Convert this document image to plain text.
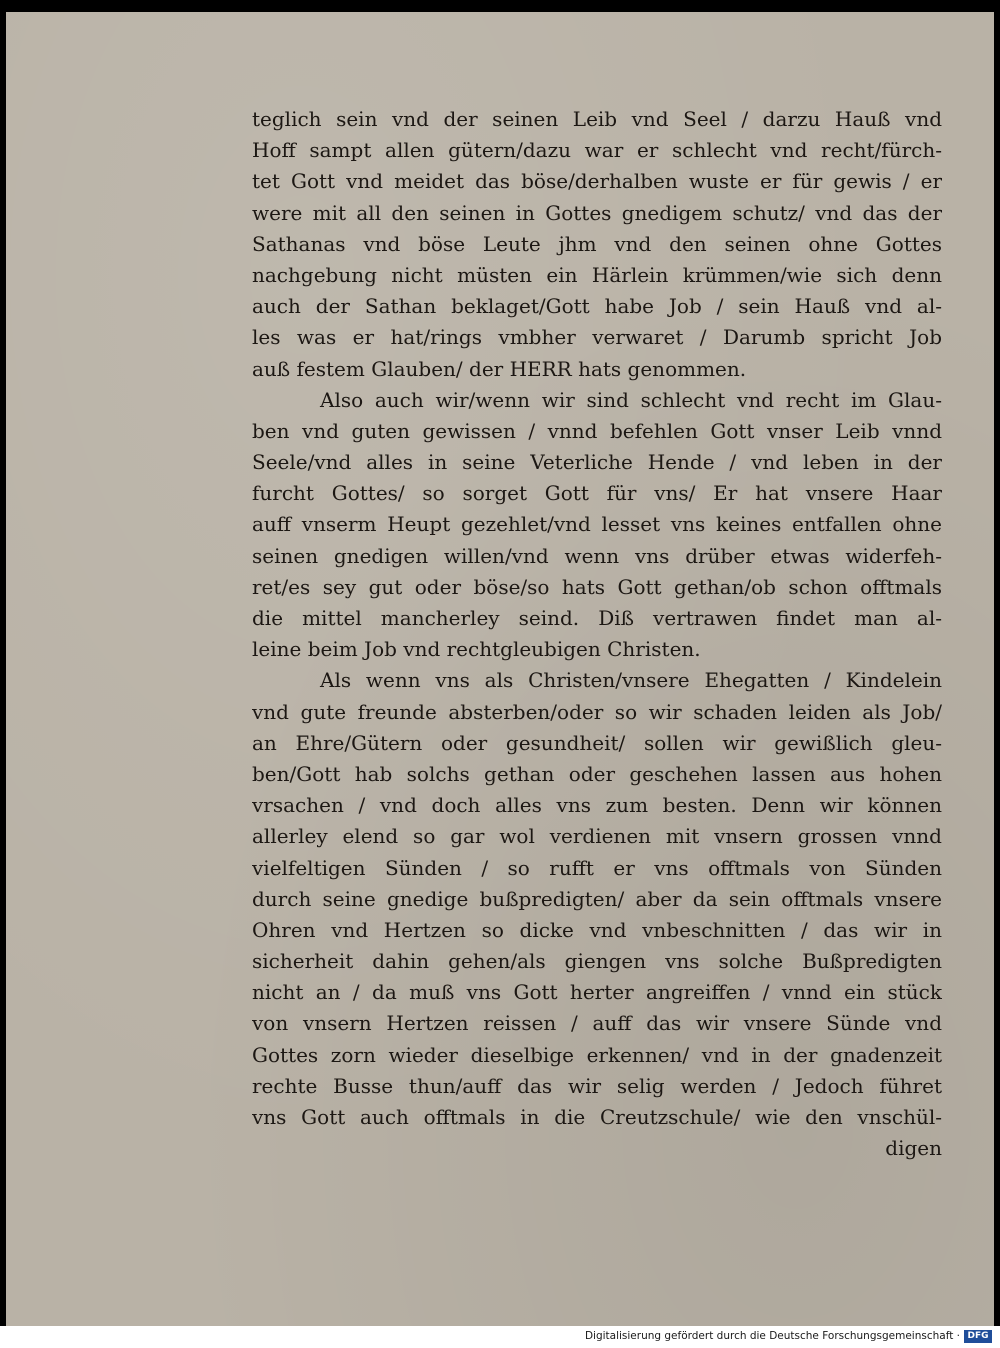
teglich sein vnd der seinen Leib vnd Seel / darzu Hauß vnd
Hoff sampt allen gütern/dazu war er schlecht vnd recht/fürch-
tet Gott vnd meidet das böse/derhalben wuste er für gewis / er
were mit all den seinen in Gottes gnedigem schutz/ vnd das der
Sathanas vnd böse Leute jhm vnd den seinen ohne Gottes
nachgebung nicht müsten ein Härlein krümmen/wie sich denn
auch der Sathan beklaget/Gott habe Job / sein Hauß vnd al-
les was er hat/rings vmbher verwaret / Darumb spricht Job
auß festem Glauben/ der HERR hats genommen.
Also auch wir/wenn wir sind schlecht vnd recht im Glau-
ben vnd guten gewissen / vnnd befehlen Gott vnser Leib vnnd
Seele/vnd alles in seine Veterliche Hende / vnd leben in der
furcht Gottes/ so sorget Gott für vns/ Er hat vnsere Haar
auff vnserm Heupt gezehlet/vnd lesset vns keines entfallen ohne
seinen gnedigen willen/vnd wenn vns drüber etwas widerfeh-
ret/es sey gut oder böse/so hats Gott gethan/ob schon offtmals
die mittel mancherley seind. Diß vertrawen findet man al-
leine beim Job vnd rechtgleubigen Christen.
Als wenn vns als Christen/vnsere Ehegatten / Kindelein
vnd gute freunde absterben/oder so wir schaden leiden als Job/
an Ehre/Gütern oder gesundheit/ sollen wir gewißlich gleu-
ben/Gott hab solchs gethan oder geschehen lassen aus hohen
vrsachen / vnd doch alles vns zum besten. Denn wir können
allerley elend so gar wol verdienen mit vnsern grossen vnnd
vielfeltigen Sünden / so rufft er vns offtmals von Sünden
durch seine gnedige bußpredigten/ aber da sein offtmals vnsere
Ohren vnd Hertzen so dicke vnd vnbeschnitten / das wir in
sicherheit dahin gehen/als giengen vns solche Bußpredigten
nicht an / da muß vns Gott herter angreiffen / vnnd ein stück
von vnsern Hertzen reissen / auff das wir vnsere Sünde vnd
Gottes zorn wieder dieselbige erkennen/ vnd in der gnadenzeit
rechte Busse thun/auff das wir selig werden / Jedoch führet
vns Gott auch offtmals in die Creutzschule/ wie den vnschül-
digen
Digitalisierung gefördert durch die Deutsche Forschungsgemeinschaft · DFG
